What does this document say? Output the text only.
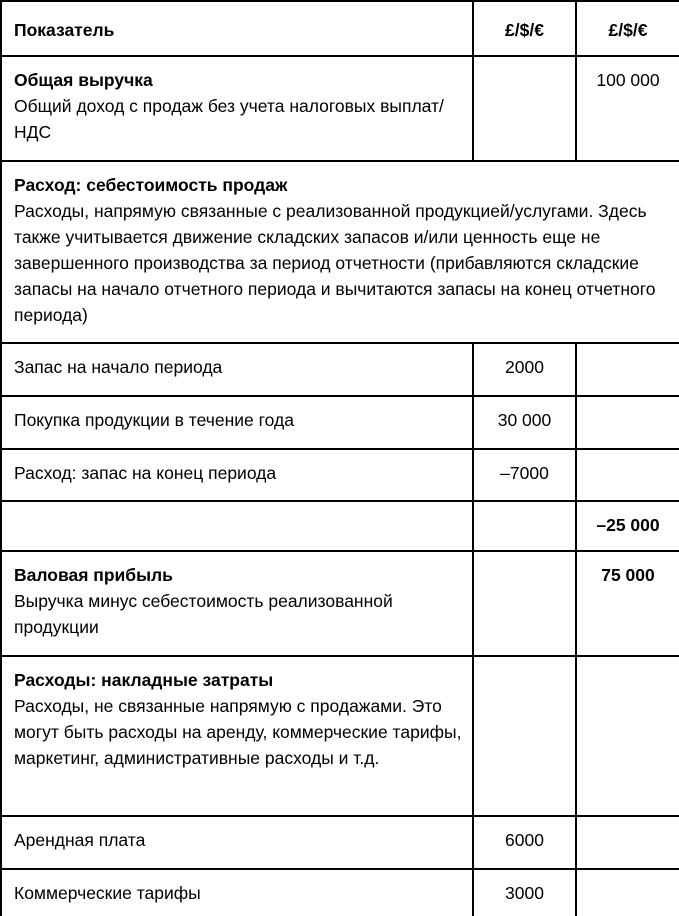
Показатель	£/$/€	£/$/€

Общая выручка
Общий доход с продаж без учета налоговых выплат/НДС		100 000

Расход: себестоимость продаж
Расходы, напрямую связанные с реализованной продукцией/услугами. Здесь также учитывается движение складских запасов и/или ценность еще не завершенного производства за период отчетности (прибавляются складские запасы на начало отчетного периода и вычитаются запасы на конец отчетного периода)		

Запас на начало периода	2000	
Покупка продукции в течение года	30 000	
Расход: запас на конец периода	–7000	
		–25 000

Валовая прибыль
Выручка минус себестоимость реализованной продукции		75 000

Расходы: накладные затраты
Расходы, не связанные напрямую с продажами. Это могут быть расходы на аренду, коммерческие тарифы, маркетинг, административные расходы и т.д.		

Арендная плата	6000	
Коммерческие тарифы	3000	
